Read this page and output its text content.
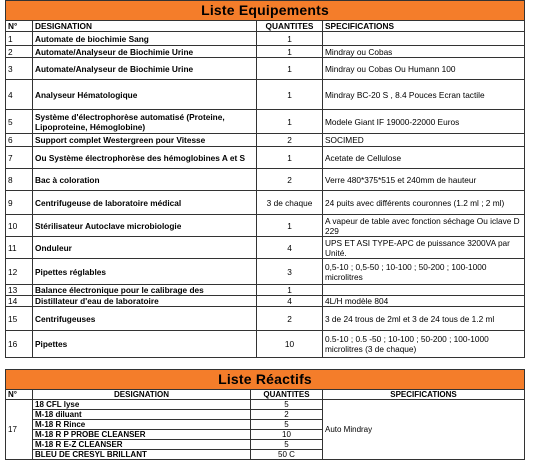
Liste Equipements
N°	DESIGNATION	QUANTITES	SPECIFICATIONS
1	Automate de biochimie Sang	1	
2	Automate/Analyseur de Biochimie Urine	1	Mindray ou Cobas
3	Automate/Analyseur de Biochimie Urine	1	Mindray ou Cobas Ou Humann 100
4	Analyseur Hématologique	1	Mindray BC-20 S , 8.4 Pouces Ecran tactile
5	Système d'électrophorèse automatisé (Proteine, Lipoproteine, Hémoglobine)	1	Modele Giant IF 19000-22000 Euros
6	Support complet Westergreen pour Vitesse	2	SOCIMED
7	Ou Système électrophorèse des hémoglobines A et S	1	Acetate de Cellulose
8	Bac à coloration	2	Verre 480*375*515 et 240mm de hauteur
9	Centrifugeuse de laboratoire médical	3 de chaque	24 puits avec différents couronnes (1.2 ml ; 2 ml)
10	Stérilisateur Autoclave microbiologie	1	A vapeur de table avec fonction séchage Ou iclave D 229
11	Onduleur	4	UPS ET ASI TYPE-APC de puissance 3200VA par Unité.
12	Pipettes réglables	3	0,5-10 ; 0,5-50 ; 10-100 ; 50-200 ; 100-1000 microlitres
13	Balance électronique pour le calibrage des	1	
14	Distillateur d'eau de laboratoire	4	4L/H modèle 804
15	Centrifugeuses	2	3 de 24 trous de 2ml et 3 de 24 tous de 1.2 ml
16	Pipettes	10	0.5-10 ; 0.5 -50 ; 10-100 ; 50-200 ; 100-1000 microlitres (3 de chaque)
Liste Réactifs
N°	DESIGNATION	QUANTITES	SPECIFICATIONS
17	18 CFL lyse	5	Auto Mindray
	M-18 diluant	2	
	M-18 R Rince	5	
	M-18 R P PROBE CLEANSER	10	
	M-18 R E-Z CLEANSER	5	
	BLEU DE CRESYL BRILLANT	50 C	
